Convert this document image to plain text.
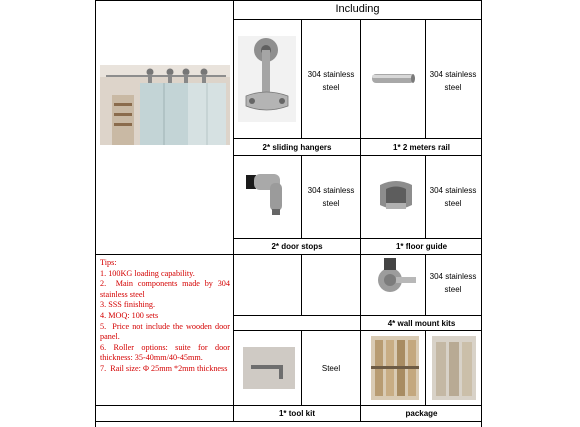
Including
304 stainless steel
2* sliding hangers
304 stainless steel
1* 2 meters rail
304 stainless steel
2* door stops
304 stainless steel
1* floor guide
304 stainless steel
4* wall mount kits
Tips:
1. 100KG loading capability.
2.  Main components made by 304 stainless steel
3. SSS finishing.
4. MOQ: 100 sets
5.  Price not include the wooden door panel.
6. Roller options: suite for door thickness: 35-40mm/40-45mm.
7.  Rail size: Φ 25mm *2mm thickness	Steel
1* tool kit	package
